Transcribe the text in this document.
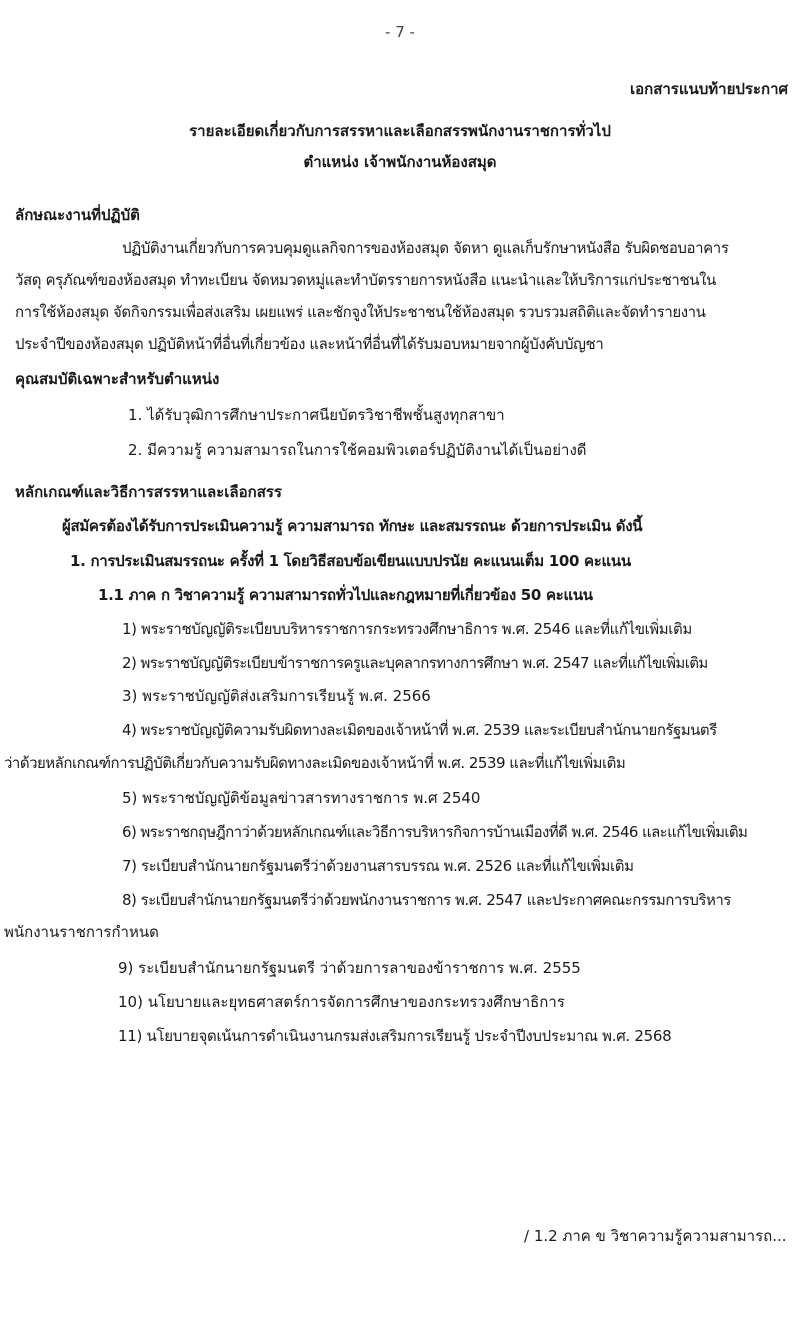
- 7 -
เอกสารแนบท้ายประกาศ
รายละเอียดเกี่ยวกับการสรรหาและเลือกสรรพนักงานราชการทั่วไป
ตำแหน่ง เจ้าพนักงานห้องสมุด
ลักษณะงานที่ปฏิบัติ
ปฏิบัติงานเกี่ยวกับการควบคุมดูแลกิจการของห้องสมุด จัดหา ดูแลเก็บรักษาหนังสือ รับผิดชอบอาคาร
วัสดุ ครุภัณฑ์ของห้องสมุด ทำทะเบียน จัดหมวดหมู่และทำบัตรรายการหนังสือ แนะนำและให้บริการแก่ประชาชนใน
การใช้ห้องสมุด จัดกิจกรรมเพื่อส่งเสริม เผยแพร่ และชักจูงให้ประชาชนใช้ห้องสมุด รวบรวมสถิติและจัดทำรายงาน
ประจำปีของห้องสมุด ปฏิบัติหน้าที่อื่นที่เกี่ยวข้อง และหน้าที่อื่นที่ได้รับมอบหมายจากผู้บังคับบัญชา
คุณสมบัติเฉพาะสำหรับตำแหน่ง
1. ได้รับวุฒิการศึกษาประกาศนียบัตรวิชาชีพชั้นสูงทุกสาขา
2. มีความรู้ ความสามารถในการใช้คอมพิวเตอร์ปฏิบัติงานได้เป็นอย่างดี
หลักเกณฑ์และวิธีการสรรหาและเลือกสรร
ผู้สมัครต้องได้รับการประเมินความรู้ ความสามารถ ทักษะ และสมรรถนะ ด้วยการประเมิน ดังนี้
1. การประเมินสมรรถนะ ครั้งที่ 1 โดยวิธีสอบข้อเขียนแบบปรนัย คะแนนเต็ม 100 คะแนน
1.1 ภาค ก วิชาความรู้ ความสามารถทั่วไปและกฎหมายที่เกี่ยวข้อง 50 คะแนน
1) พระราชบัญญัติระเบียบบริหารราชการกระทรวงศึกษาธิการ พ.ศ. 2546 และที่แก้ไขเพิ่มเติม
2) พระราชบัญญัติระเบียบข้าราชการครูและบุคลากรทางการศึกษา พ.ศ. 2547 และที่แก้ไขเพิ่มเติม
3) พระราชบัญญัติส่งเสริมการเรียนรู้ พ.ศ. 2566
4) พระราชบัญญัติความรับผิดทางละเมิดของเจ้าหน้าที่ พ.ศ. 2539 และระเบียบสำนักนายกรัฐมนตรี
ว่าด้วยหลักเกณฑ์การปฏิบัติเกี่ยวกับความรับผิดทางละเมิดของเจ้าหน้าที่ พ.ศ. 2539 และที่แก้ไขเพิ่มเติม
5) พระราชบัญญัติข้อมูลข่าวสารทางราชการ พ.ศ 2540
6) พระราชกฤษฎีกาว่าด้วยหลักเกณฑ์และวิธีการบริหารกิจการบ้านเมืองที่ดี พ.ศ. 2546 และแก้ไขเพิ่มเติม
7) ระเบียบสำนักนายกรัฐมนตรีว่าด้วยงานสารบรรณ พ.ศ. 2526 และที่แก้ไขเพิ่มเติม
8) ระเบียบสำนักนายกรัฐมนตรีว่าด้วยพนักงานราชการ พ.ศ. 2547 และประกาศคณะกรรมการบริหาร
พนักงานราชการกำหนด
9) ระเบียบสำนักนายกรัฐมนตรี ว่าด้วยการลาของข้าราชการ พ.ศ. 2555
10) นโยบายและยุทธศาสตร์การจัดการศึกษาของกระทรวงศึกษาธิการ
11) นโยบายจุดเน้นการดำเนินงานกรมส่งเสริมการเรียนรู้ ประจำปีงบประมาณ พ.ศ. 2568
/ 1.2 ภาค ข วิชาความรู้ความสามารถ...
